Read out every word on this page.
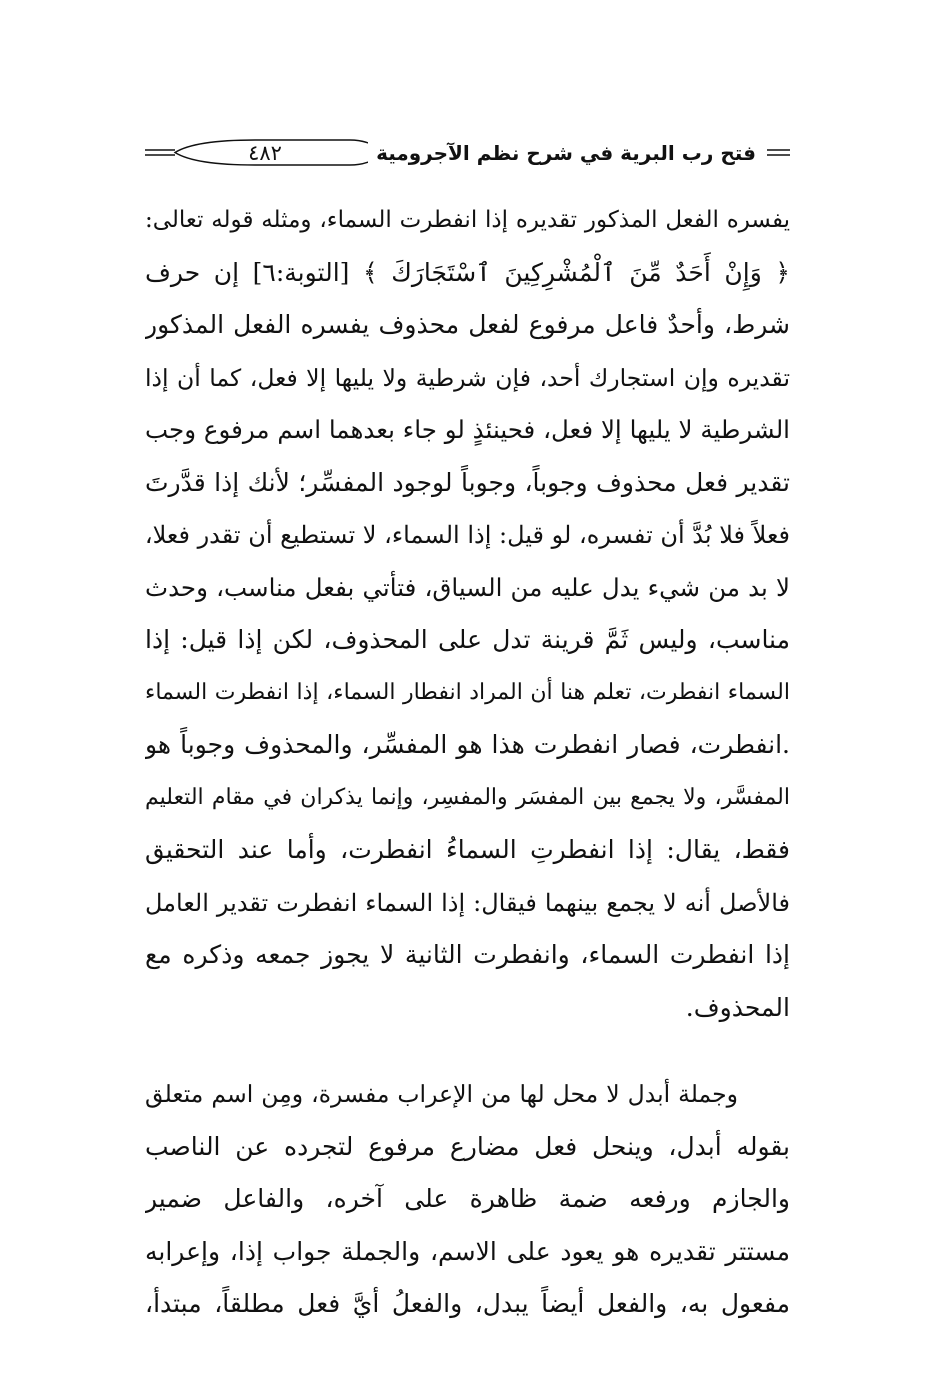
٤٨٢	فتح رب البرية في شرح نظم الآجرومية
يفسره الفعل المذكور تقديره إذا انفطرت السماء، ومثله قوله تعالى:
﴿ وَإِنْ أَحَدٌ مِّنَ ٱلْمُشْرِكِينَ ٱسْتَجَارَكَ ﴾ [التوبة:٦] إن حرف
شرط، وأحدٌ فاعل مرفوع لفعل محذوف يفسره الفعل المذكور
تقديره وإن استجارك أحد، فإن شرطية ولا يليها إلا فعل، كما أن إذا
الشرطية لا يليها إلا فعل، فحينئذٍ لو جاء بعدهما اسم مرفوع وجب
تقدير فعل محذوف وجوباً، وجوباً لوجود المفسِّر؛ لأنك إذا قدَّرتَ
فعلاً فلا بُدَّ أن تفسره، لو قيل: إذا السماء، لا تستطيع أن تقدر فعلا،
لا بد من شيء يدل عليه من السياق، فتأتي بفعل مناسب، وحدث
مناسب، وليس ثَمَّ قرينة تدل على المحذوف، لكن إذا قيل: إذا
السماء انفطرت، تعلم هنا أن المراد انفطار السماء، إذا انفطرت السماء
.انفطرت، فصار انفطرت هذا هو المفسِّر، والمحذوف وجوباً هو
المفسَّر، ولا يجمع بين المفسَر والمفسِر، وإنما يذكران في مقام التعليم
فقط، يقال: إذا انفطرتِ السماءُ انفطرت، وأما عند التحقيق
فالأصل أنه لا يجمع بينهما فيقال: إذا السماء انفطرت تقدير العامل
إذا انفطرت السماء، وانفطرت الثانية لا يجوز جمعه وذكره مع
المحذوف.
وجملة أبدل لا محل لها من الإعراب مفسرة، ومِن اسم متعلق
بقوله أبدل، وينحل فعل مضارع مرفوع لتجرده عن الناصب
والجازم ورفعه ضمة ظاهرة على آخره، والفاعل ضمير
مستتر تقديره هو يعود على الاسم، والجملة جواب إذا، وإعرابه
مفعول به، والفعل أيضاً يبدل، والفعلُ أيَّ فعل مطلقاً، مبتدأ،
